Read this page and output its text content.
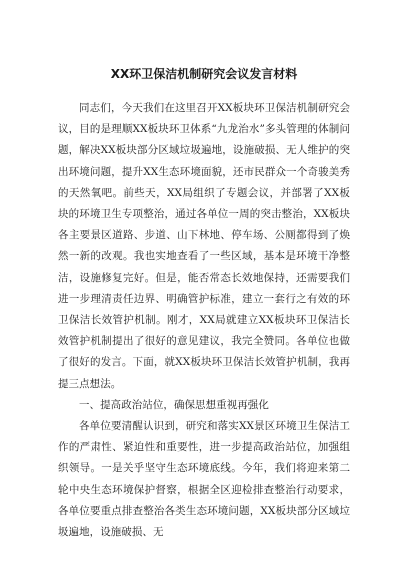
XX环卫保洁机制研究会议发言材料

同志们，今天我们在这里召开XX板块环卫保洁机制研究会议，目的是理顺XX板块环卫体系“九龙治水”多头管理的体制问题，解决XX板块部分区域垃圾遍地，设施破损、无人维护的突出环境问题，提升XX生态环境面貌，还市民群众一个奇骏美秀的天然氧吧。前些天，XX局组织了专题会议，并部署了XX板块的环境卫生专项整治，通过各单位一周的突击整治，XX板块各主要景区道路、步道、山下林地、停车场、公厕都得到了焕然一新的改观。我也实地查看了一些区域，基本是环境干净整洁，设施修复完好。但是，能否常态长效地保持，还需要我们进一步理清责任边界、明确管护标准，建立一套行之有效的环卫保洁长效管护机制。刚才，XX局就建立XX板块环卫保洁长效管护机制提出了很好的意见建议，我完全赞同。各单位也做了很好的发言。下面，就XX板块环卫保洁长效管护机制，我再提三点想法。

一、提高政治站位，确保思想重视再强化

各单位要清醒认识到，研究和落实XX景区环境卫生保洁工作的严肃性、紧迫性和重要性，进一步提高政治站位，加强组织领导。一是关乎坚守生态环境底线。今年，我们将迎来第二轮中央生态环境保护督察，根据全区迎检排查整治行动要求，各单位要重点排查整治各类生态环境问题，XX板块部分区域垃圾遍地，设施破损、无
